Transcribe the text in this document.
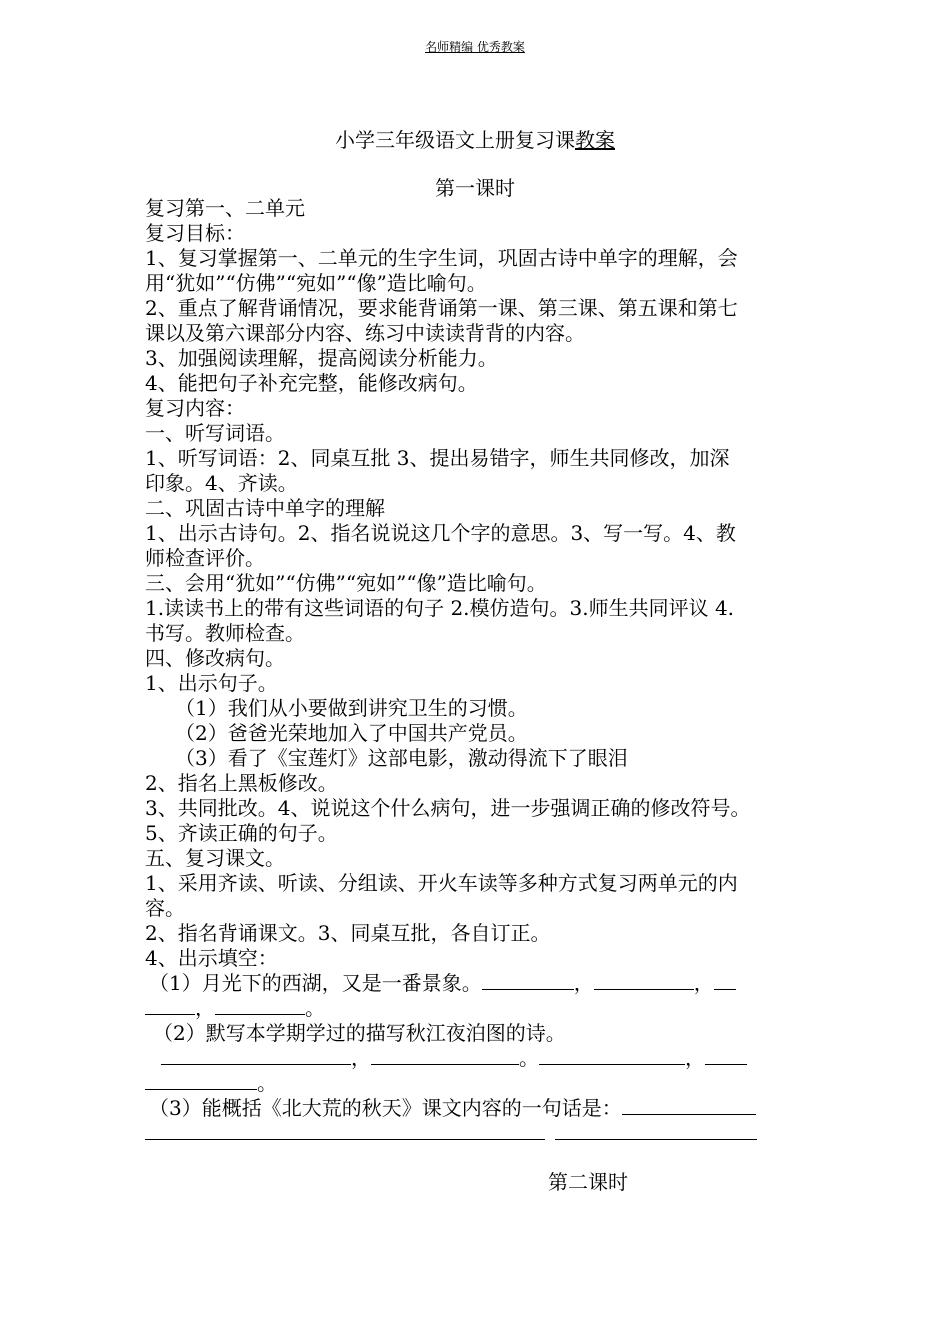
名师精编 优秀教案
小学三年级语文上册复习课教案
第一课时

复习第一、二单元

复习目标：

1、复习掌握第一、二单元的生字生词，巩固古诗中单字的理解，会

用“犹如”“仿佛”“宛如”“像”造比喻句。

2、重点了解背诵情况，要求能背诵第一课、第三课、第五课和第七

课以及第六课部分内容、练习中读读背背的内容。

3、加强阅读理解，提高阅读分析能力。

4、能把句子补充完整，能修改病句。

复习内容：

一、听写词语。

1、听写词语：2、同桌互批 3、提出易错字，师生共同修改，加深

印象。4、齐读。

二、巩固古诗中单字的理解

1、出示古诗句。2、指名说说这几个字的意思。3、写一写。4、教

师检查评价。

三、会用“犹如”“仿佛”“宛如”“像”造比喻句。

1.读读书上的带有这些词语的句子 2.模仿造句。3.师生共同评议 4.

书写。教师检查。

四、修改病句。

1、出示句子。

（1）我们从小要做到讲究卫生的习惯。

（2）爸爸光荣地加入了中国共产党员。

（3）看了《宝莲灯》这部电影，激动得流下了眼泪

2、指名上黑板修改。

3、共同批改。4、说说这个什么病句，进一步强调正确的修改符号。

5、齐读正确的句子。

五、复习课文。

1、采用齐读、听读、分组读、开火车读等多种方式复习两单元的内

容。

2、指名背诵课文。3、同桌互批，各自订正。

4、出示填空：

（1）月光下的西湖，又是一番景象。	，	，

，	。

（2）默写本学期学过的描写秋江夜泊图的诗。

，	。	，

。

（3）能概括《北大荒的秋天》课文内容的一句话是：

第二课时
